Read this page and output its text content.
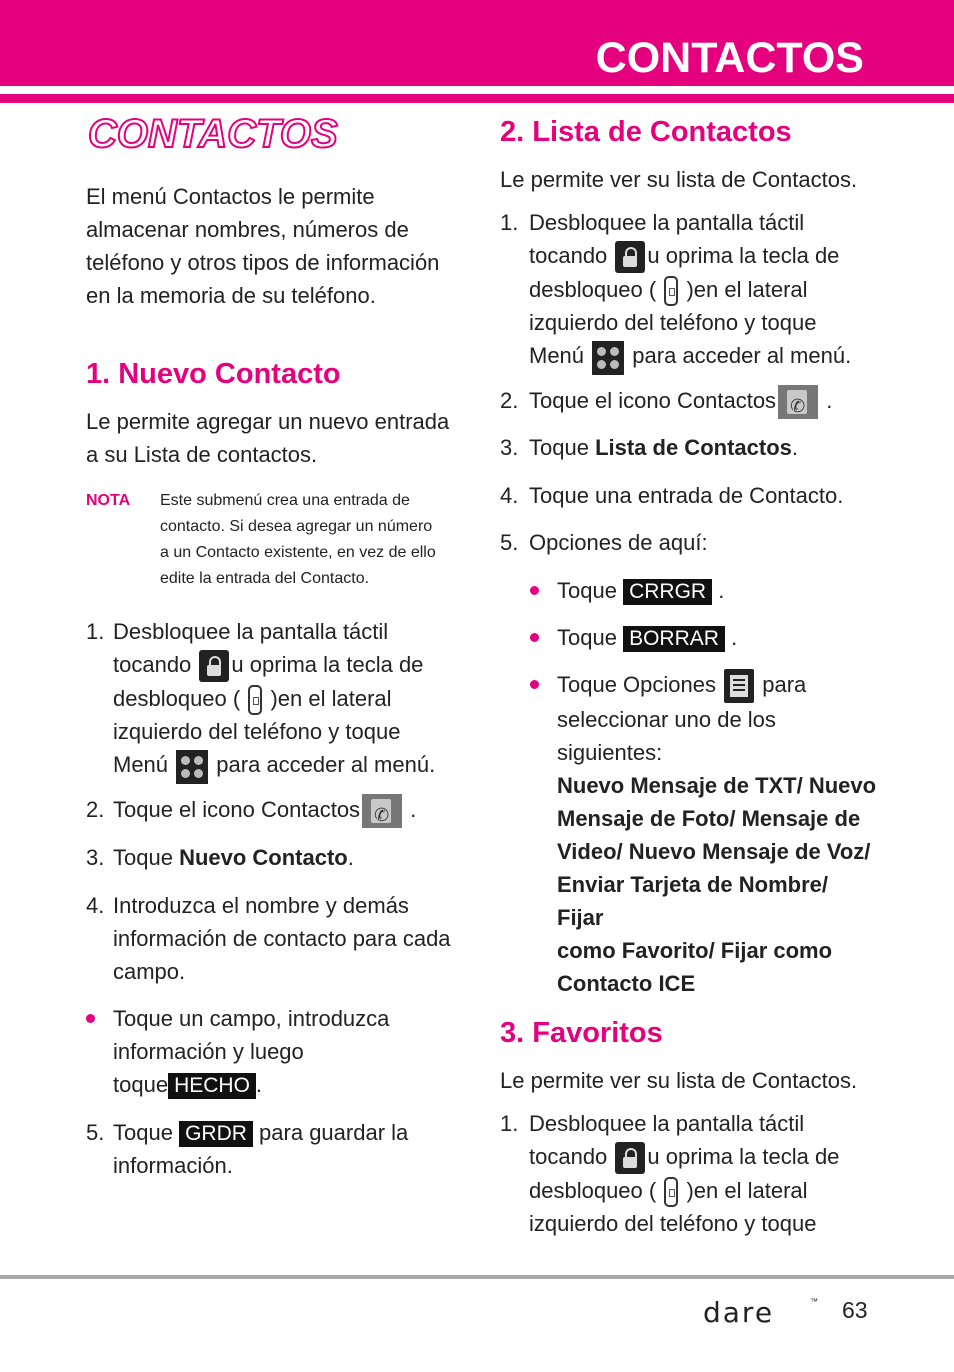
CONTACTOS
CONTACTOS
El menú Contactos le permite
almacenar nombres, números de
teléfono y otros tipos de información
en la memoria de su teléfono.
1. Nuevo Contacto
Le permite agregar un nuevo entrada
a su Lista de contactos.
NOTA Este submenú crea una entrada de
contacto. Si desea agregar un número
a un Contacto existente, en vez de ello
edite la entrada del Contacto.
1. Desbloquee la pantalla táctil
tocando u oprima la tecla de
desbloqueo ( )en el lateral
izquierdo del teléfono y toque
Menú para acceder al menú.
2. Toque el icono Contactos ✆ .
3. Toque Nuevo Contacto.
4. Introduzca el nombre y demás
información de contacto para cada
campo.
Toque un campo, introduzca
información y luego
toque HECHO .
5. Toque GRDR para guardar la
información.
2. Lista de Contactos
Le permite ver su lista de Contactos.
1. Desbloquee la pantalla táctil
tocando u oprima la tecla de
desbloqueo ( )en el lateral
izquierdo del teléfono y toque
Menú para acceder al menú.
2. Toque el icono Contactos ✆ .
3. Toque Lista de Contactos.
4. Toque una entrada de Contacto.
5. Opciones de aquí:
Toque CRRGR .
Toque BORRAR .
Toque Opciones para
seleccionar uno de los
siguientes:
Nuevo Mensaje de TXT/ Nuevo
Mensaje de Foto/ Mensaje de
Video/ Nuevo Mensaje de Voz/
Enviar Tarjeta de Nombre/ Fijar
como Favorito/ Fijar como
Contacto ICE
3. Favoritos
Le permite ver su lista de Contactos.
1. Desbloquee la pantalla táctil
tocando u oprima la tecla de
desbloqueo ( )en el lateral
izquierdo del teléfono y toque
dare	™ 63
